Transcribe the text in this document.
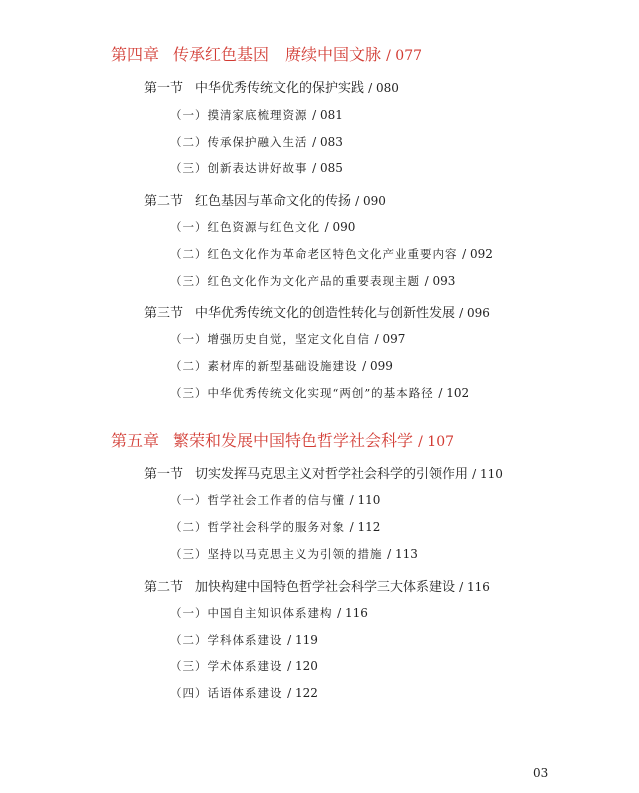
第四章 传承红色基因　赓续中国文脉 / 077
第一节 中华优秀传统文化的保护实践 / 080
（一）摸清家底梳理资源 / 081
（二）传承保护融入生活 / 083
（三）创新表达讲好故事 / 085
第二节 红色基因与革命文化的传扬 / 090
（一）红色资源与红色文化 / 090
（二）红色文化作为革命老区特色文化产业重要内容 / 092
（三）红色文化作为文化产品的重要表现主题 / 093
第三节 中华优秀传统文化的创造性转化与创新性发展 / 096
（一）增强历史自觉，坚定文化自信 / 097
（二）素材库的新型基础设施建设 / 099
（三）中华优秀传统文化实现“两创”的基本路径 / 102
第五章 繁荣和发展中国特色哲学社会科学 / 107
第一节 切实发挥马克思主义对哲学社会科学的引领作用 / 110
（一）哲学社会工作者的信与懂 / 110
（二）哲学社会科学的服务对象 / 112
（三）坚持以马克思主义为引领的措施 / 113
第二节 加快构建中国特色哲学社会科学三大体系建设 / 116
（一）中国自主知识体系建构 / 116
（二）学科体系建设 / 119
（三）学术体系建设 / 120
（四）话语体系建设 / 122
03
